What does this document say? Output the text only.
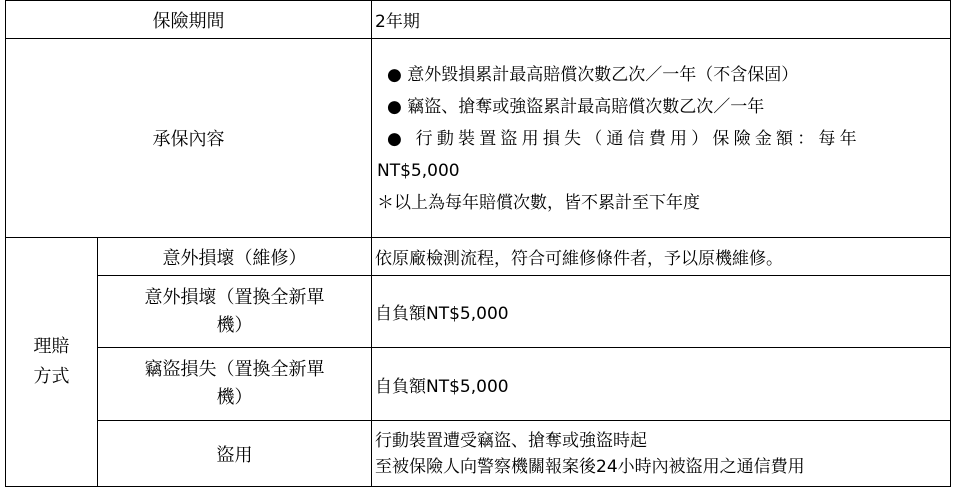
保險期間		2年期
承保內容		● 意外毀損累計最高賠償次數乙次／一年（不含保固）
● 竊盜、搶奪或強盜累計最高賠償次數乙次／一年
● 行動裝置盜用損失（通信費用）保險金額：每年
NT$5,000
＊以上為每年賠償次數，皆不累計至下年度

理賠
方式	意外損壞（維修）	依原廠檢測流程，符合可維修條件者，予以原機維修。

	意外損壞（置換全新單
機）	自負額NT$5,000

	竊盜損失（置換全新單
機）	自負額NT$5,000
	盜用	行動裝置遭受竊盜、搶奪或強盜時起
至被保險人向警察機關報案後24小時內被盜用之通信費用
